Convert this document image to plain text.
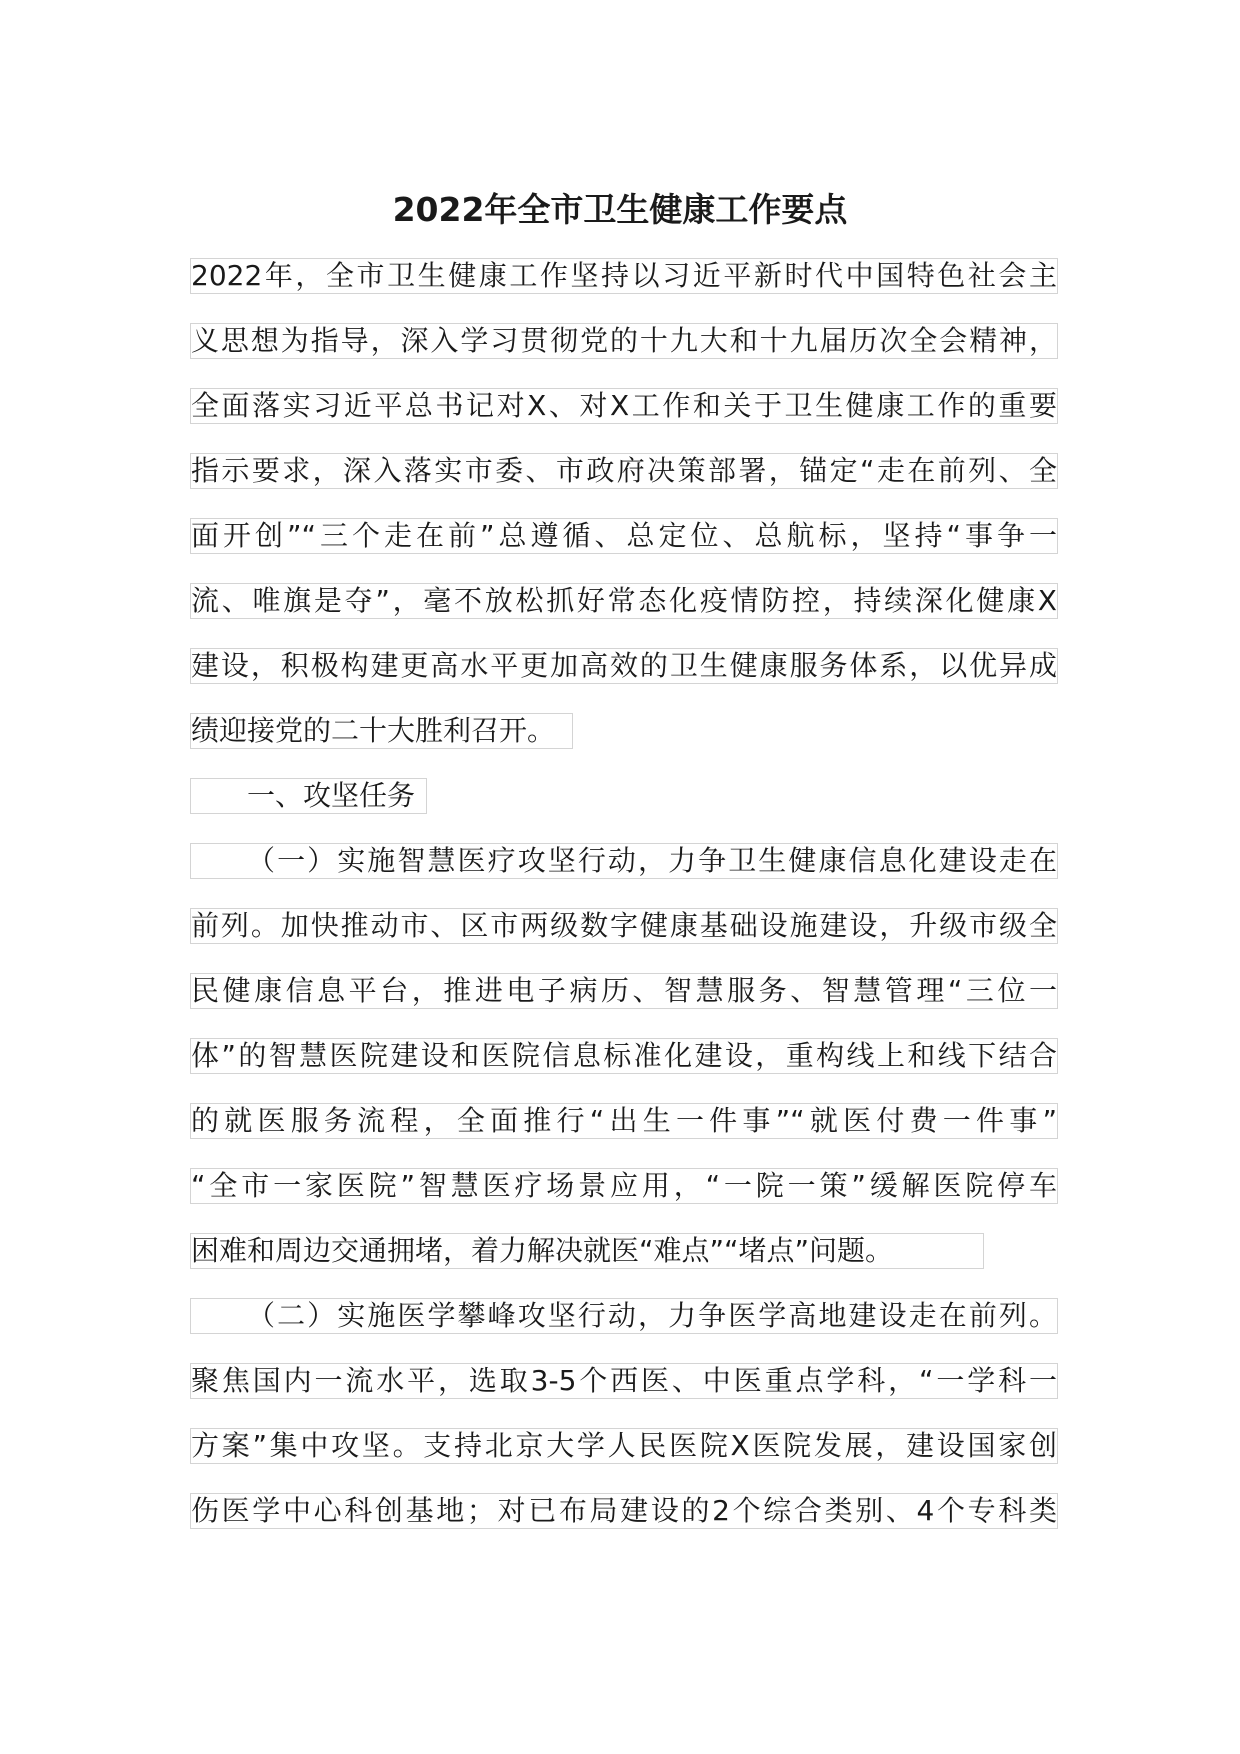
2022年全市卫生健康工作要点
2022年，全市卫生健康工作坚持以习近平新时代中国特色社会主
义思想为指导，深入学习贯彻党的十九大和十九届历次全会精神，
全面落实习近平总书记对X、对X工作和关于卫生健康工作的重要
指示要求，深入落实市委、市政府决策部署，锚定“走在前列、全
面开创”“三个走在前”总遵循、总定位、总航标，坚持“事争一
流、唯旗是夺”，毫不放松抓好常态化疫情防控，持续深化健康X
建设，积极构建更高水平更加高效的卫生健康服务体系，以优异成
绩迎接党的二十大胜利召开。
一、攻坚任务
（一）实施智慧医疗攻坚行动，力争卫生健康信息化建设走在
前列。加快推动市、区市两级数字健康基础设施建设，升级市级全
民健康信息平台，推进电子病历、智慧服务、智慧管理“三位一
体”的智慧医院建设和医院信息标准化建设，重构线上和线下结合
的就医服务流程，全面推行“出生一件事”“就医付费一件事”
“全市一家医院”智慧医疗场景应用，“一院一策”缓解医院停车
困难和周边交通拥堵，着力解决就医“难点”“堵点”问题。
（二）实施医学攀峰攻坚行动，力争医学高地建设走在前列。
聚焦国内一流水平，选取3-5个西医、中医重点学科，“一学科一
方案”集中攻坚。支持北京大学人民医院X医院发展，建设国家创
伤医学中心科创基地；对已布局建设的2个综合类别、4个专科类
